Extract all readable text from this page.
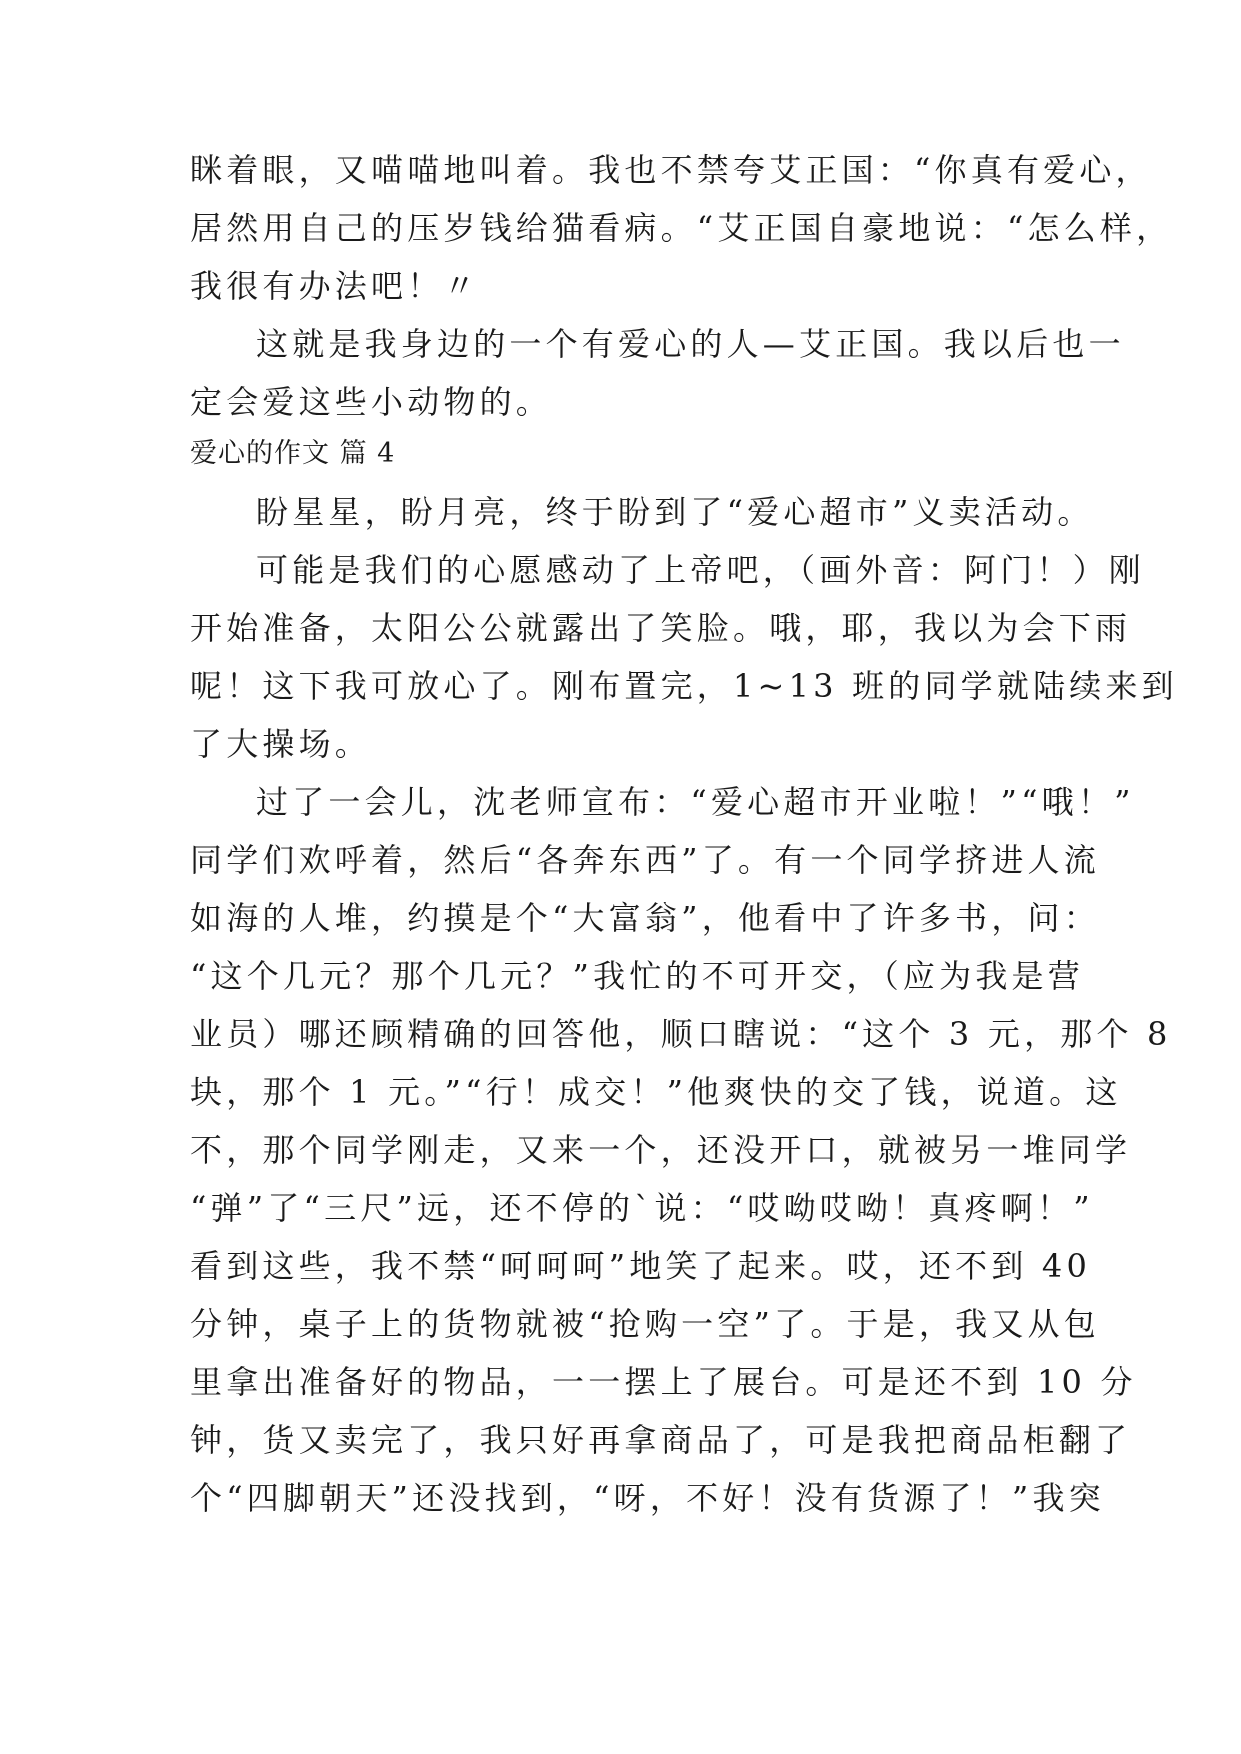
眯着眼，又喵喵地叫着。我也不禁夸艾正国：“你真有爱心，
居然用自己的压岁钱给猫看病。“艾正国自豪地说：“怎么样，
我很有办法吧！〃
这就是我身边的一个有爱心的人—艾正国。我以后也一
定会爱这些小动物的。
爱心的作文 篇 4
盼星星，盼月亮，终于盼到了“爱心超市”义卖活动。
可能是我们的心愿感动了上帝吧，（画外音：阿门！）刚
开始准备，太阳公公就露出了笑脸。哦，耶，我以为会下雨
呢！这下我可放心了。刚布置完，1~13 班的同学就陆续来到
了大操场。
过了一会儿，沈老师宣布：“爱心超市开业啦！”“哦！”
同学们欢呼着，然后“各奔东西”了。有一个同学挤进人流
如海的人堆，约摸是个“大富翁”，他看中了许多书，问：
“这个几元？那个几元？”我忙的不可开交，（应为我是营
业员）哪还顾精确的回答他，顺口瞎说：“这个 3 元，那个 8
块，那个 1 元。”“行！成交！”他爽快的交了钱，说道。这
不，那个同学刚走，又来一个，还没开口，就被另一堆同学
“弹”了“三尺”远，还不停的`说：“哎呦哎呦！真疼啊！”
看到这些，我不禁“呵呵呵”地笑了起来。哎，还不到 40
分钟，桌子上的货物就被“抢购一空”了。于是，我又从包
里拿出准备好的物品，一一摆上了展台。可是还不到 10 分
钟，货又卖完了，我只好再拿商品了，可是我把商品柜翻了
个“四脚朝天”还没找到，“呀，不好！没有货源了！”我突
